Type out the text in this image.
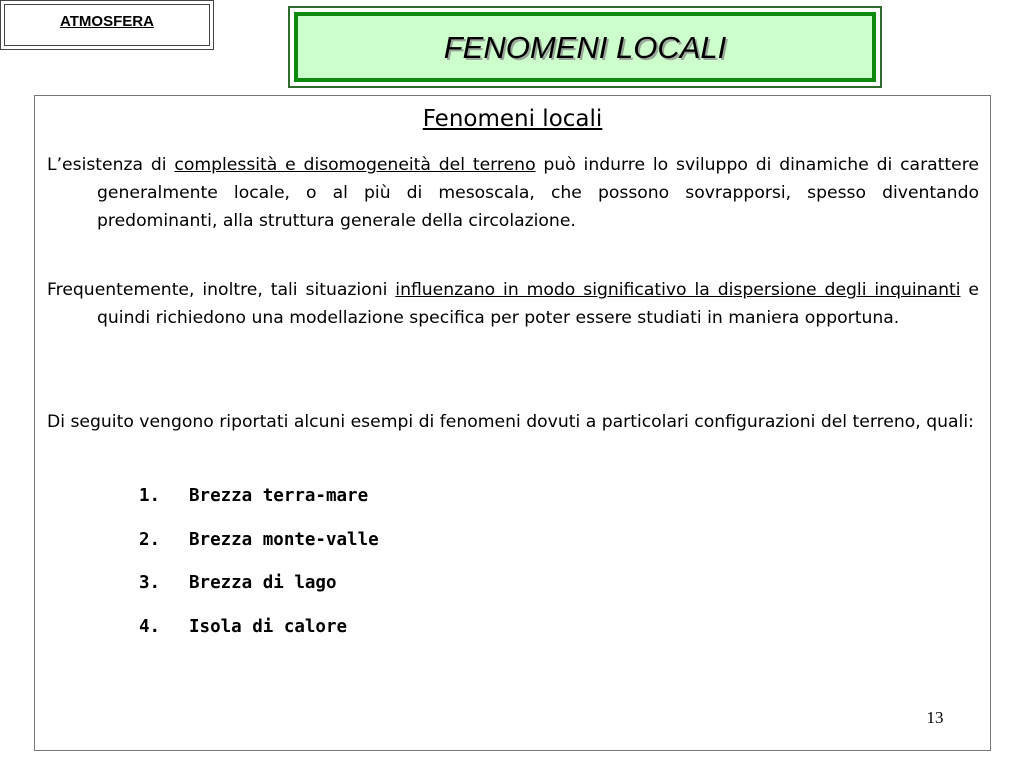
ATMOSFERA
FENOMENI LOCALI
Fenomeni locali

L’esistenza di complessità e disomogeneità del terreno può indurre lo sviluppo di dinamiche di carattere generalmente locale, o al più di mesoscala, che possono sovrapporsi, spesso diventando predominanti, alla struttura generale della circolazione.

Frequentemente, inoltre, tali situazioni influenzano in modo significativo la dispersione degli inquinanti e quindi richiedono una modellazione specifica per poter essere studiati in maniera opportuna.

Di seguito vengono riportati alcuni esempi di fenomeni dovuti a particolari configurazioni del terreno, quali:

1. Brezza terra-mare
2. Brezza monte-valle
3. Brezza di lago
4. Isola di calore
13
